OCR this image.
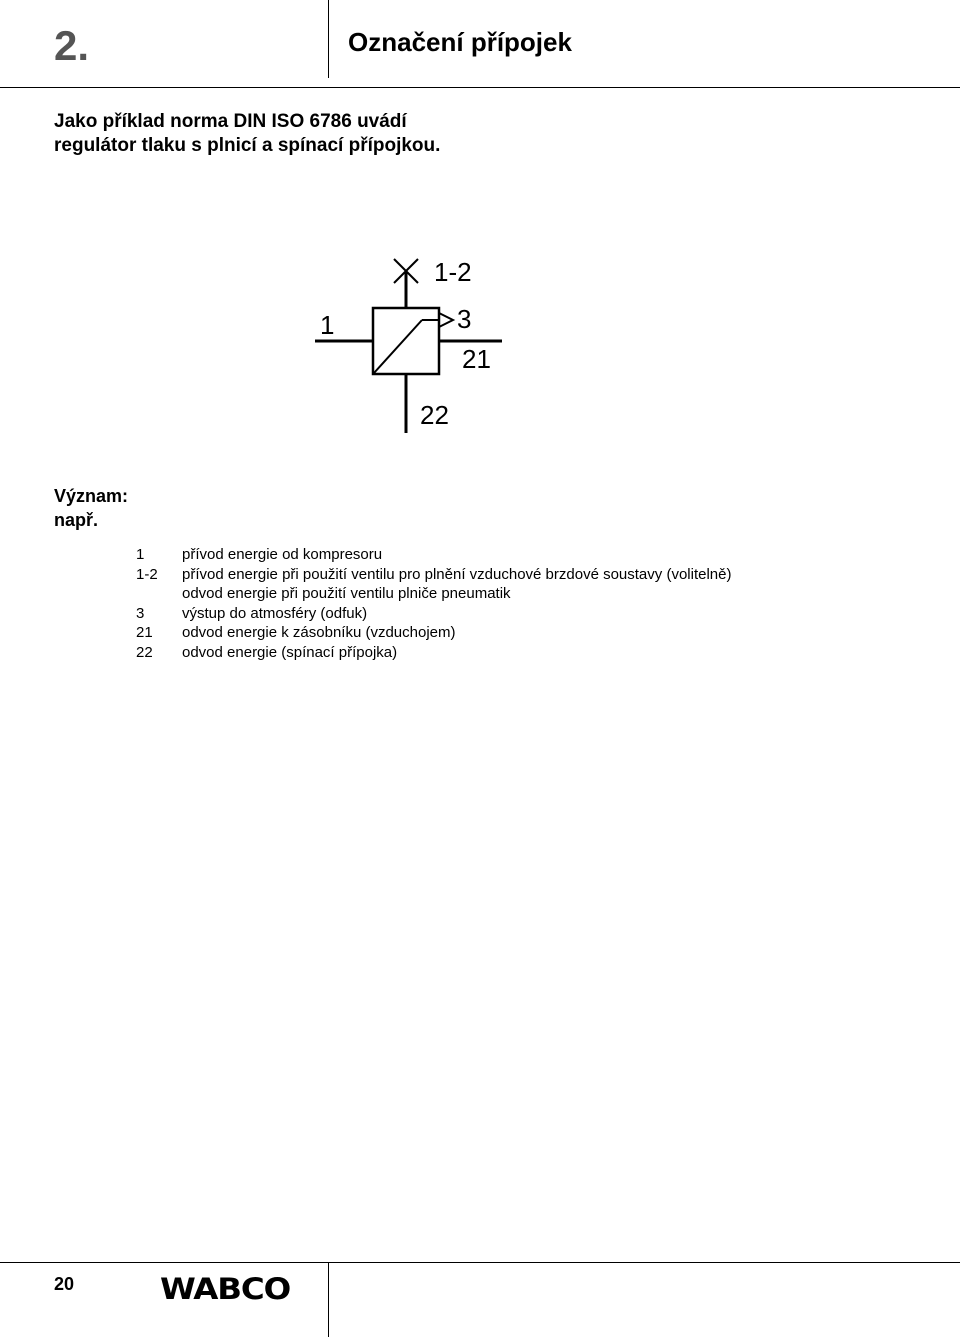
2.	Označení přípojek
Jako příklad norma DIN ISO 6786 uvádí
regulátor tlaku s plnicí a spínací přípojkou.
1
1-2
3
21
22
Význam:
např.
1	přívod energie od kompresoru
1-2 přívod energie při použití ventilu pro plnění vzduchové brzdové soustavy (volitelně)
odvod energie při použití ventilu plniče pneumatik
3	výstup do atmosféry (odfuk)
21 odvod energie k zásobníku (vzduchojem)
22 odvod energie (spínací přípojka)
20	WABCO
